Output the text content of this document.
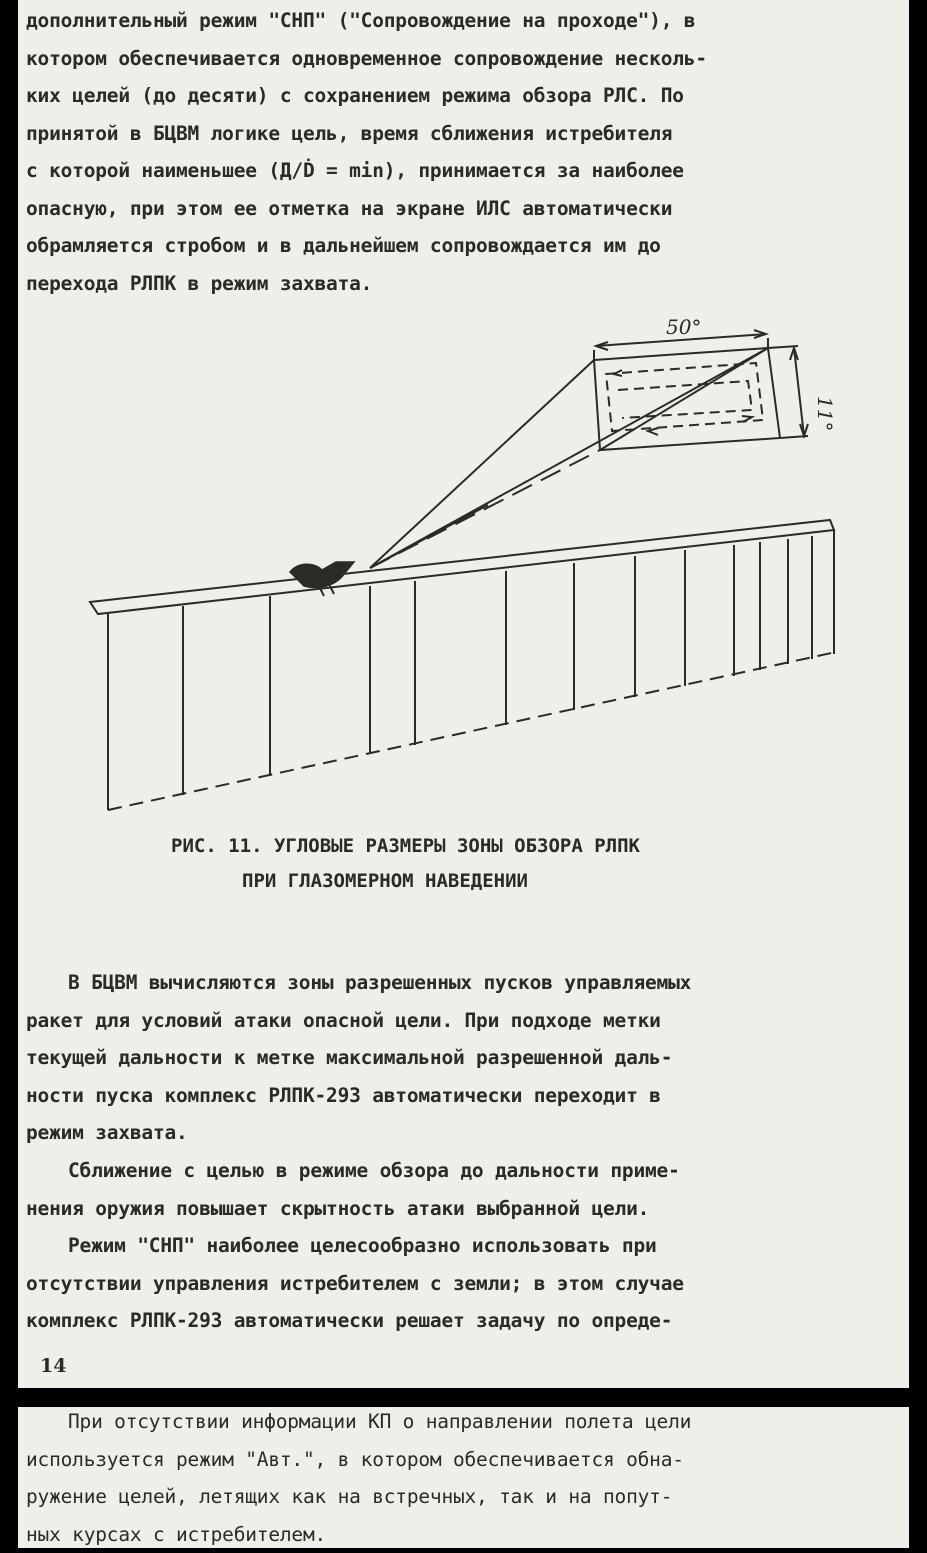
дополнительный режим "СНП" ("Сопровождение на проходе"), в
котором обеспечивается одновременное сопровождение несколь-
ких целей (до десяти) с сохранением режима обзора РЛС. По
принятой в БЦВМ логике цель, время сближения истребителя
с которой наименьшее (Д/Ḋ = min), принимается за наиболее
опасную, при этом ее отметка на экране ИЛС автоматически
обрамляется стробом и в дальнейшем сопровождается им до
перехода РЛПК в режим захвата.

50°
11°

РИС. 11. УГЛОВЫЕ РАЗМЕРЫ ЗОНЫ ОБЗОРА РЛПК

ПРИ ГЛАЗОМЕРНОМ НАВЕДЕНИИ

В БЦВМ вычисляются зоны разрешенных пусков управляемых
ракет для условий атаки опасной цели. При подходе метки
текущей дальности к метке максимальной разрешенной даль-
ности пуска комплекс РЛПК-293 автоматически переходит в
режим захвата.

Сближение с целью в режиме обзора до дальности приме-
нения оружия повышает скрытность атаки выбранной цели.

Режим "СНП" наиболее целесообразно использовать при
отсутствии управления истребителем с земли; в этом случае
комплекс РЛПК-293 автоматически решает задачу по опреде-

14

При отсутствии информации КП о направлении полета цели
используется режим "Авт.", в котором обеспечивается обна-
ружение целей, летящих как на встречных, так и на попут-
ных курсах с истребителем.
